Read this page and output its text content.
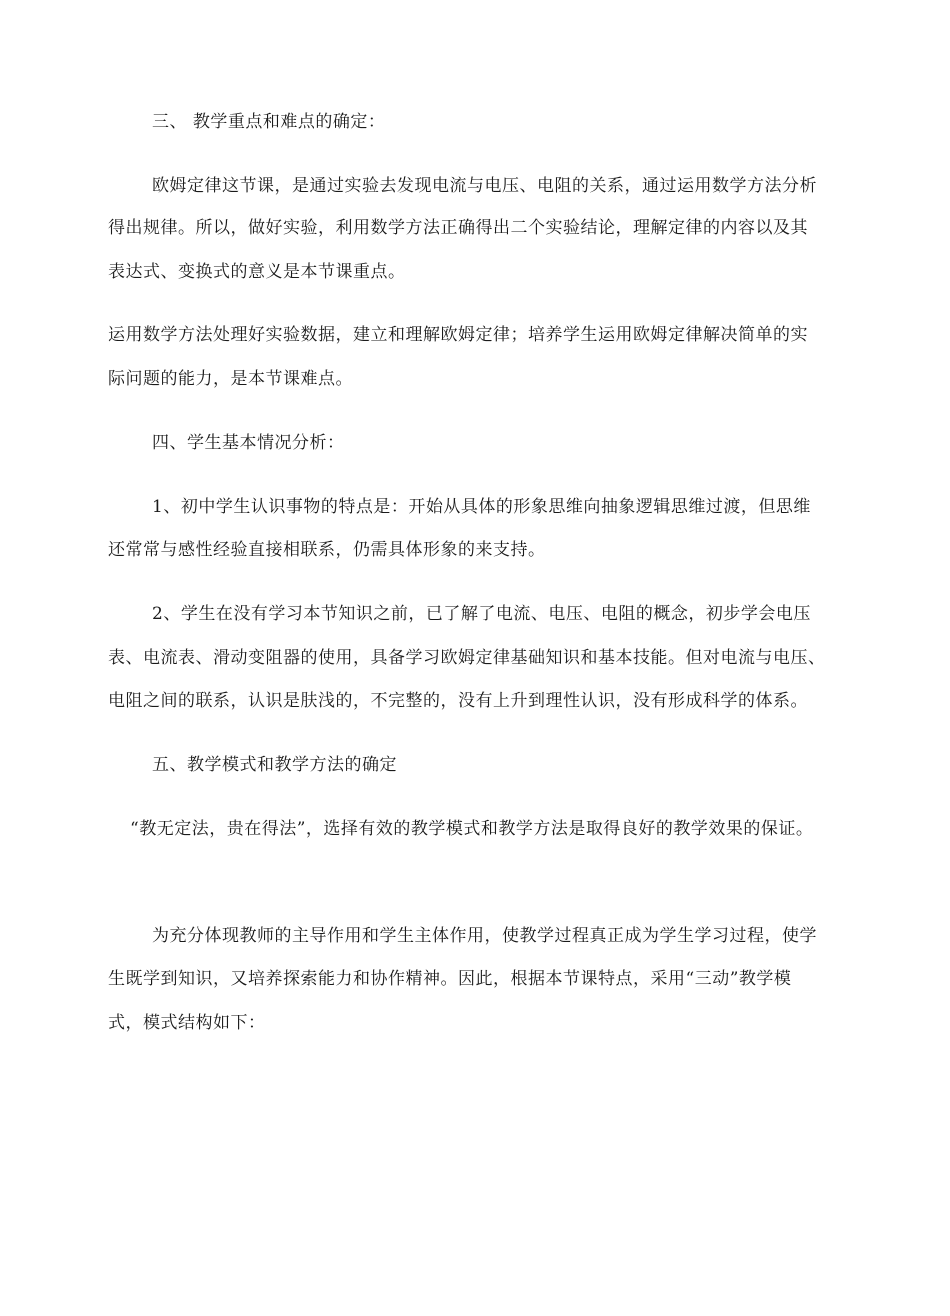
三、 教学重点和难点的确定：

欧姆定律这节课，是通过实验去发现电流与电压、电阻的关系，通过运用数学方法分析

得出规律。所以，做好实验，利用数学方法正确得出二个实验结论，理解定律的内容以及其

表达式、变换式的意义是本节课重点。

运用数学方法处理好实验数据，建立和理解欧姆定律；培养学生运用欧姆定律解决简单的实

际问题的能力，是本节课难点。

四、学生基本情况分析：

1、初中学生认识事物的特点是：开始从具体的形象思维向抽象逻辑思维过渡，但思维

还常常与感性经验直接相联系，仍需具体形象的来支持。

2、学生在没有学习本节知识之前，已了解了电流、电压、电阻的概念，初步学会电压

表、电流表、滑动变阻器的使用，具备学习欧姆定律基础知识和基本技能。但对电流与电压、

电阻之间的联系，认识是肤浅的，不完整的，没有上升到理性认识，没有形成科学的体系。

五、教学模式和教学方法的确定

“教无定法，贵在得法”，选择有效的教学模式和教学方法是取得良好的教学效果的保证。

为充分体现教师的主导作用和学生主体作用，使教学过程真正成为学生学习过程，使学

生既学到知识，又培养探索能力和协作精神。因此，根据本节课特点，采用“三动”教学模

式，模式结构如下：
